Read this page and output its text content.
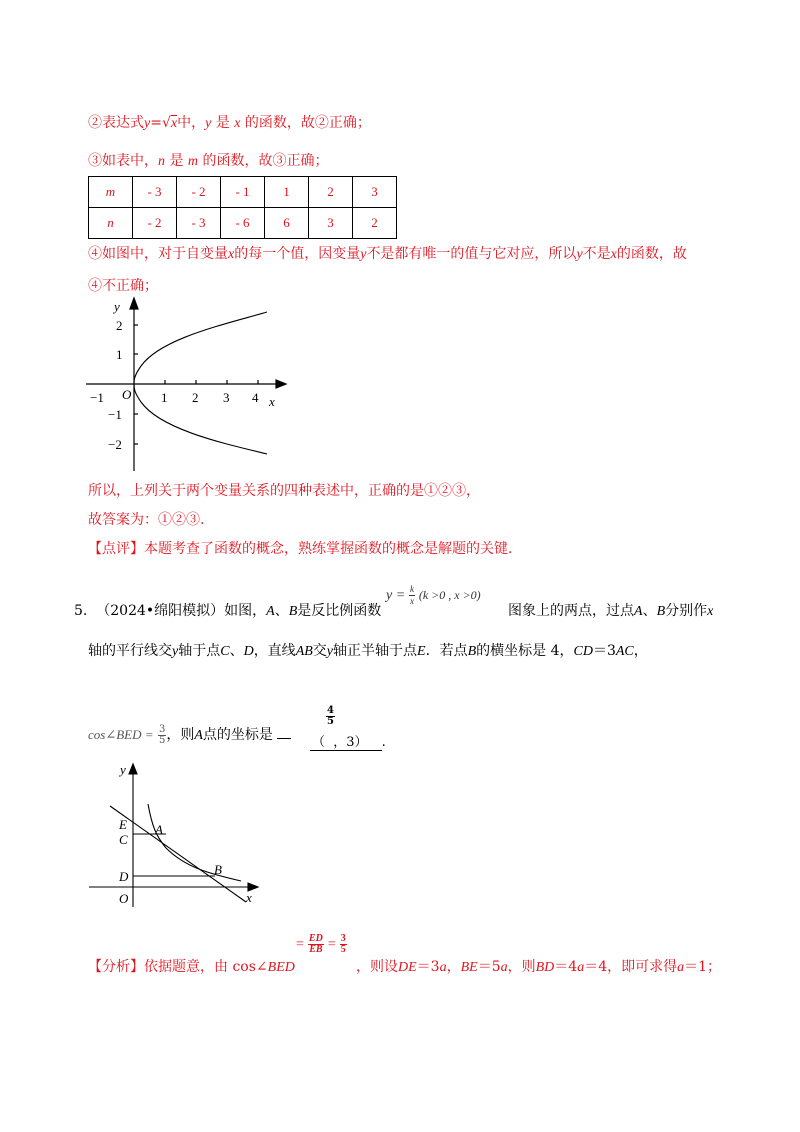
②表达式y=√x中，y 是 x 的函数，故②正确；
③如表中，n 是 m 的函数，故③正确；
m	- 3	- 2	- 1	1	2	3
n	- 2	- 3	- 6	6	3	2
④如图中，对于自变量x的每一个值，因变量y不是都有唯一的值与它对应，所以y不是x的函数，故
④不正确；
y
x
O
−1	1 2 3 4
2
1
−1
−2
所以，上列关于两个变量关系的四种表述中，正确的是①②③，
故答案为：①②③.
【点评】本题考查了函数的概念，熟练掌握函数的概念是解题的关键.
5. （2024•绵阳模拟）如图，A、B是反比例函数
$y = \frac{k}{x} (k >0$ , x >0)
图象上的两点，过点A、B分别作x
轴的平行线交y轴于点C、D，直线AB交y轴正半轴于点E．若点B的横坐标是 4，CD＝3AC，
cos∠BED = $\frac{3}{5}$ ，则A点的坐标是
$\frac{4}{5}$
（ ，3） .
y
x
E A
C
D	B
O
【分析】依据题意，由 cos∠BED
= $\frac{ED}{EB} = \frac{3}{5}$
，则设DE＝3a，BE＝5a，则BD＝4a＝4，即可求得a＝1；
